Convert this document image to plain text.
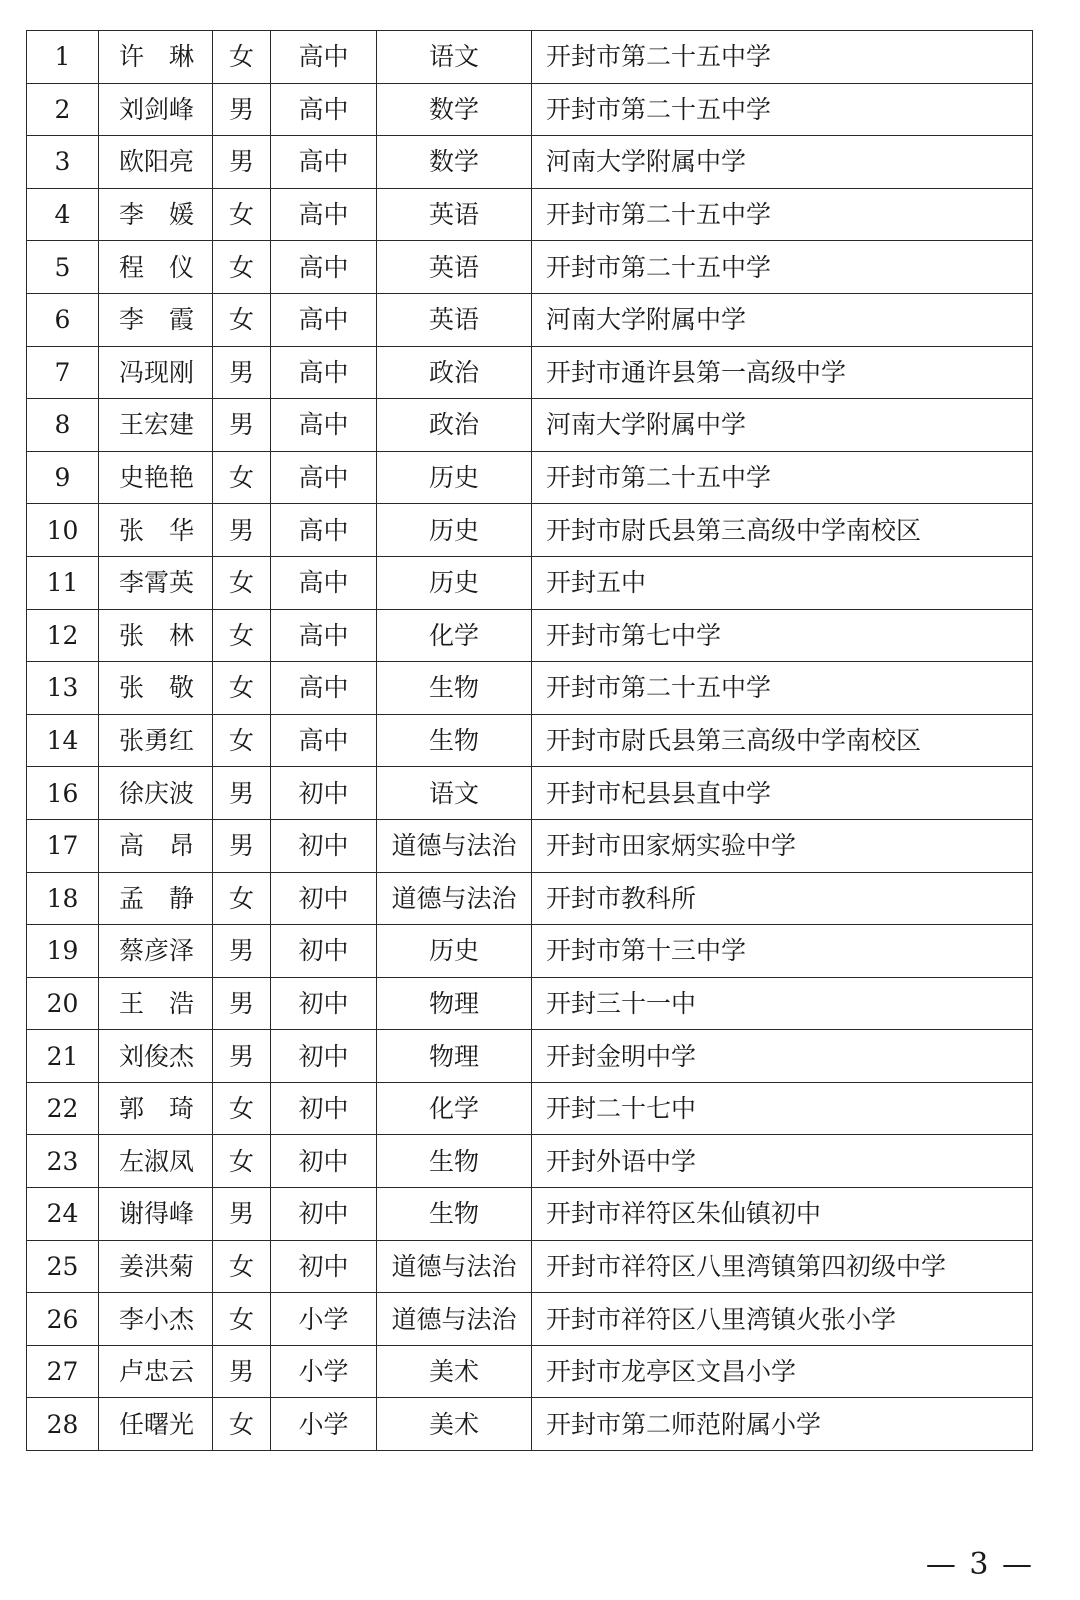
1	许　琳	女	高中	语文	开封市第二十五中学
2	刘剑峰	男	高中	数学	开封市第二十五中学
3	欧阳亮	男	高中	数学	河南大学附属中学
4	李　媛	女	高中	英语	开封市第二十五中学
5	程　仪	女	高中	英语	开封市第二十五中学
6	李　霞	女	高中	英语	河南大学附属中学
7	冯现刚	男	高中	政治	开封市通许县第一高级中学
8	王宏建	男	高中	政治	河南大学附属中学
9	史艳艳	女	高中	历史	开封市第二十五中学
10	张　华	男	高中	历史	开封市尉氏县第三高级中学南校区
11	李霄英	女	高中	历史	开封五中
12	张　林	女	高中	化学	开封市第七中学
13	张　敬	女	高中	生物	开封市第二十五中学
14	张勇红	女	高中	生物	开封市尉氏县第三高级中学南校区
16	徐庆波	男	初中	语文	开封市杞县县直中学
17	高　昂	男	初中	道德与法治	开封市田家炳实验中学
18	孟　静	女	初中	道德与法治	开封市教科所
19	蔡彦泽	男	初中	历史	开封市第十三中学
20	王　浩	男	初中	物理	开封三十一中
21	刘俊杰	男	初中	物理	开封金明中学
22	郭　琦	女	初中	化学	开封二十七中
23	左淑凤	女	初中	生物	开封外语中学
24	谢得峰	男	初中	生物	开封市祥符区朱仙镇初中
25	姜洪菊	女	初中	道德与法治	开封市祥符区八里湾镇第四初级中学
26	李小杰	女	小学	道德与法治	开封市祥符区八里湾镇火张小学
27	卢忠云	男	小学	美术	开封市龙亭区文昌小学
28	任曙光	女	小学	美术	开封市第二师范附属小学
— 3 —
